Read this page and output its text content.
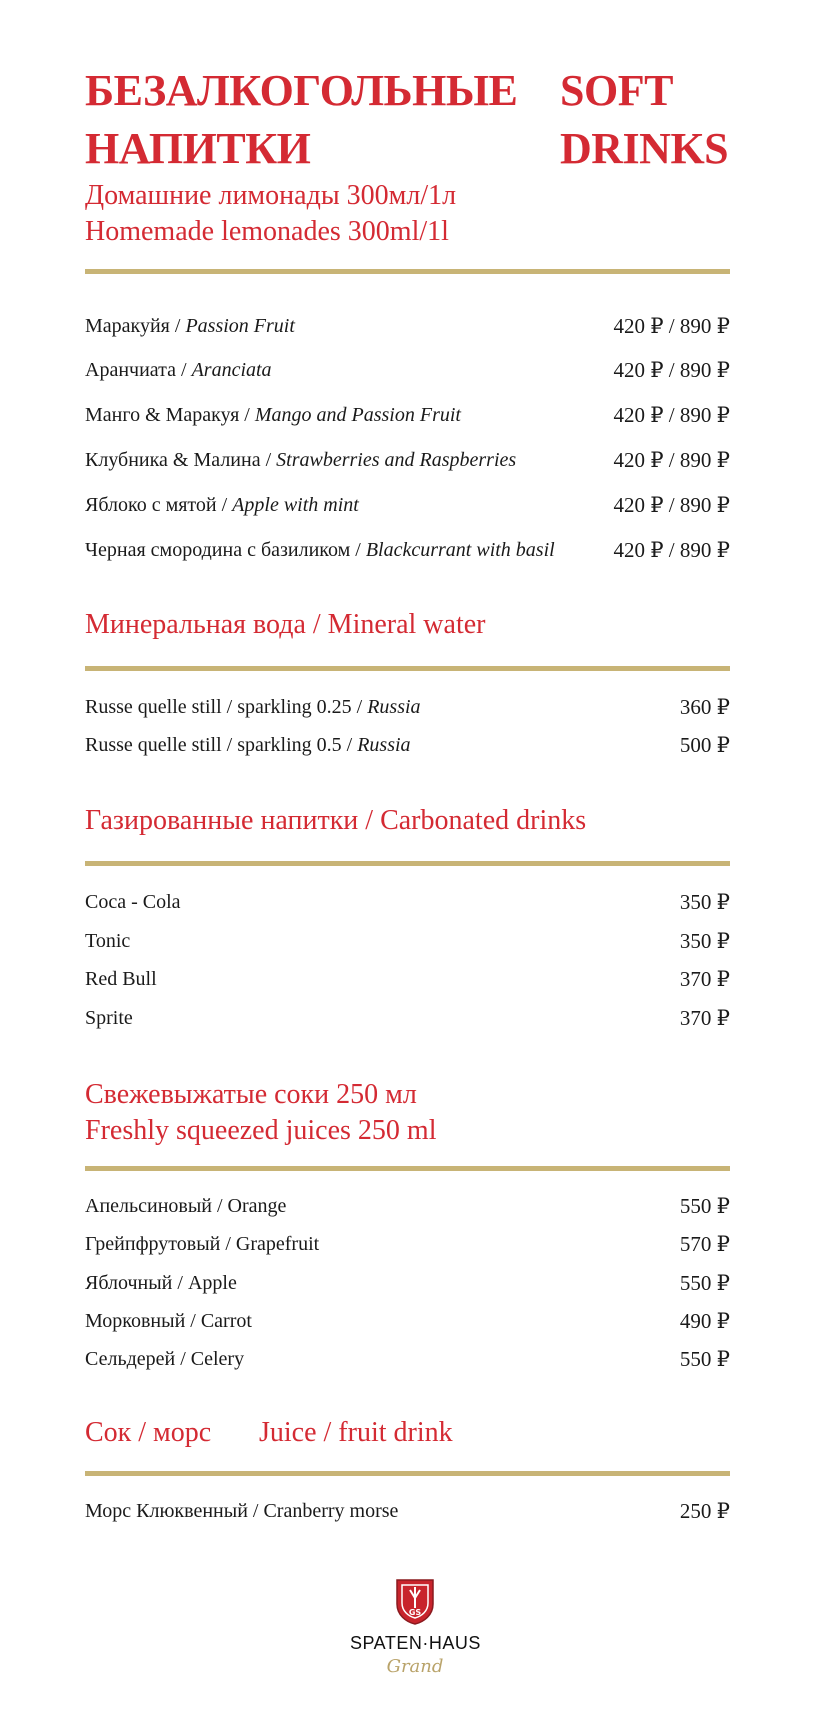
БЕЗАЛКОГОЛЬНЫЕ
НАПИТКИ
SOFT
DRINKS
Домашние лимонады 300мл/1л
Homemade lemonades 300ml/1l
Маракуйя / Passion Fruit	420 ₽ / 890 ₽
Аранчиата / Aranciata	420 ₽ / 890 ₽
Манго & Маракуя / Mango and Passion Fruit	420 ₽ / 890 ₽
Клубника & Малина / Strawberries and Raspberries	420 ₽ / 890 ₽
Яблоко с мятой / Apple with mint	420 ₽ / 890 ₽
Черная смородина с базиликом / Blackcurrant with basil	420 ₽ / 890 ₽
Минеральная вода / Mineral water
Russe quelle still / sparkling 0.25 / Russia	360 ₽
Russe quelle still / sparkling 0.5 / Russia	500 ₽
Газированные напитки / Carbonated drinks
Coca - Cola	350 ₽
Tonic	350 ₽
Red Bull	370 ₽
Sprite	370 ₽
Свежевыжатые соки 250 мл
Freshly squeezed juices 250 ml
Апельсиновый / Orange	550 ₽
Грейпфрутовый / Grapefruit	570 ₽
Яблочный / Apple	550 ₽
Морковный / Carrot	490 ₽
Сельдерей / Celery	550 ₽
Сок / морс Juice / fruit drink
Морс Клюквенный / Cranberry morse	250 ₽
GS
SPATEN·HAUS
Grand
